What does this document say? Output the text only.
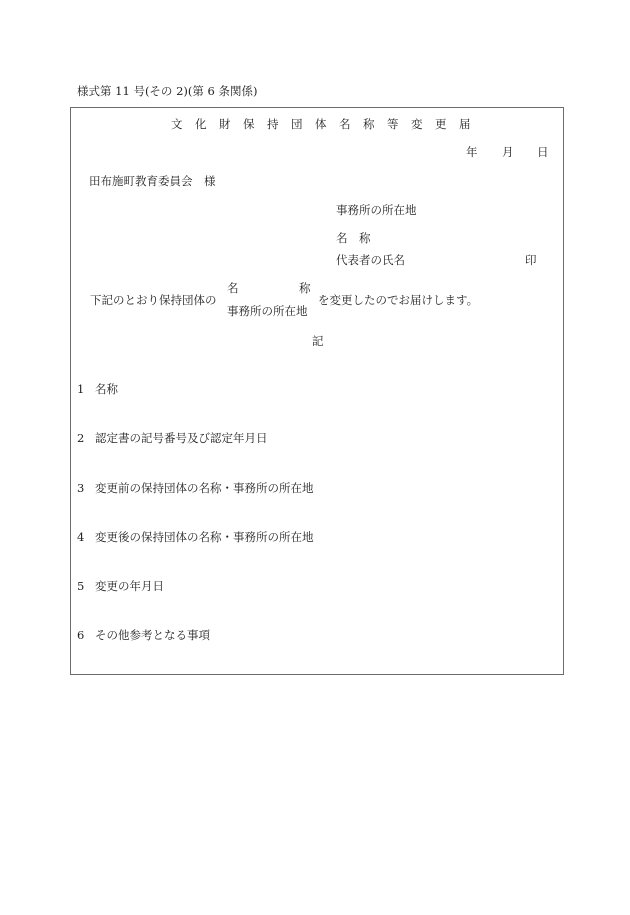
様式第 11 号(その 2)(第 6 条関係)
文 化 財 保 持 団 体 名 称 等 変 更 届
年 月 日
田布施町教育委員会　様
事務所の所在地
名　称
代表者の氏名	印
下記のとおり保持団体の
名	称
事務所の所在地
を変更したのでお届けします。
記
1 名称
2 認定書の記号番号及び認定年月日
3 変更前の保持団体の名称・事務所の所在地
4 変更後の保持団体の名称・事務所の所在地
5 変更の年月日
6 その他参考となる事項
